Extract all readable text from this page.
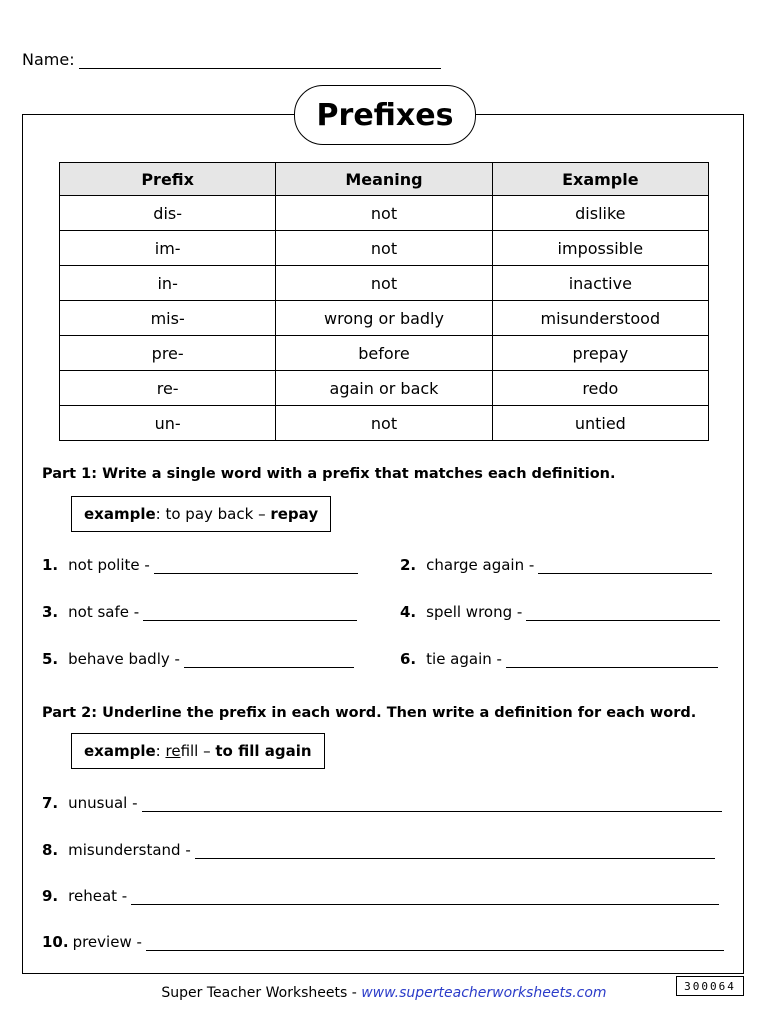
Name:
Prefixes
Prefix	Meaning	Example
dis-	not	dislike
im-	not	impossible
in-	not	inactive
mis-	wrong or badly	misunderstood
pre-	before	prepay
re-	again or back	redo
un-	not	untied
Part 1: Write a single word with a prefix that matches each definition.
example : to pay back – repay
1. not polite -	2. charge again -
3. not safe -	4. spell wrong -
5. behave badly -	6. tie again -
Part 2: Underline the prefix in each word. Then write a definition for each word.
example : re fill – to fill again
7. unusual -
8. misunderstand -
9. reheat -
10. preview -
Super Teacher Worksheets - www.superteacherworksheets.com	300064
